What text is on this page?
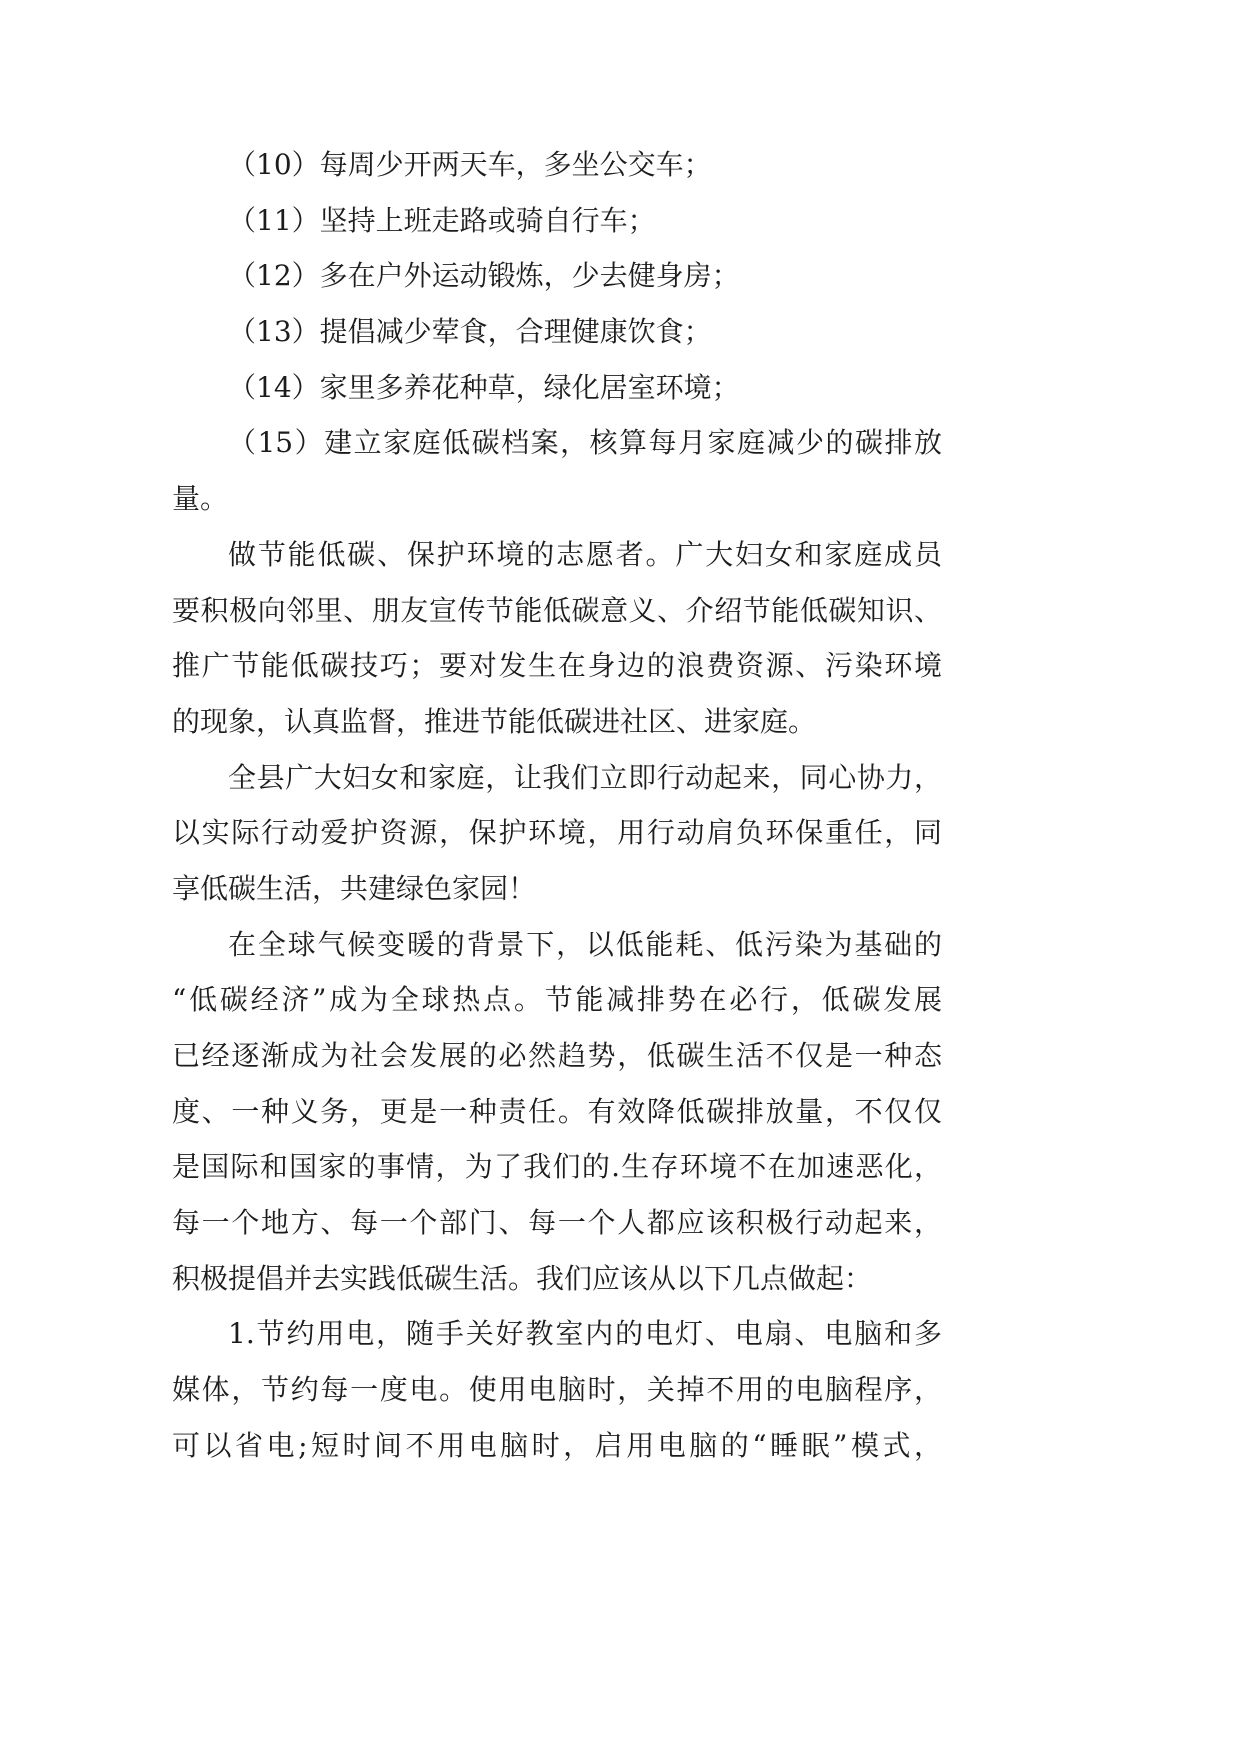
（10）每周少开两天车，多坐公交车；
（11）坚持上班走路或骑自行车；
（12）多在户外运动锻炼，少去健身房；
（13）提倡减少荤食，合理健康饮食；
（14）家里多养花种草，绿化居室环境；
（15）建立家庭低碳档案，核算每月家庭减少的碳排放
量。
做节能低碳、保护环境的志愿者。广大妇女和家庭成员
要积极向邻里、朋友宣传节能低碳意义、介绍节能低碳知识、
推广节能低碳技巧；要对发生在身边的浪费资源、污染环境
的现象，认真监督，推进节能低碳进社区、进家庭。
全县广大妇女和家庭，让我们立即行动起来，同心协力，
以实际行动爱护资源，保护环境，用行动肩负环保重任，同
享低碳生活，共建绿色家园！
在全球气候变暖的背景下，以低能耗、低污染为基础的
“低碳经济”成为全球热点。节能减排势在必行，低碳发展
已经逐渐成为社会发展的必然趋势，低碳生活不仅是一种态
度、一种义务，更是一种责任。有效降低碳排放量，不仅仅
是国际和国家的事情，为了我们的.生存环境不在加速恶化，
每一个地方、每一个部门、每一个人都应该积极行动起来，
积极提倡并去实践低碳生活。我们应该从以下几点做起：
1.节约用电，随手关好教室内的电灯、电扇、电脑和多
媒体，节约每一度电。使用电脑时，关掉不用的电脑程序，
可以省电;短时间不用电脑时，启用电脑的“睡眠”模式，
